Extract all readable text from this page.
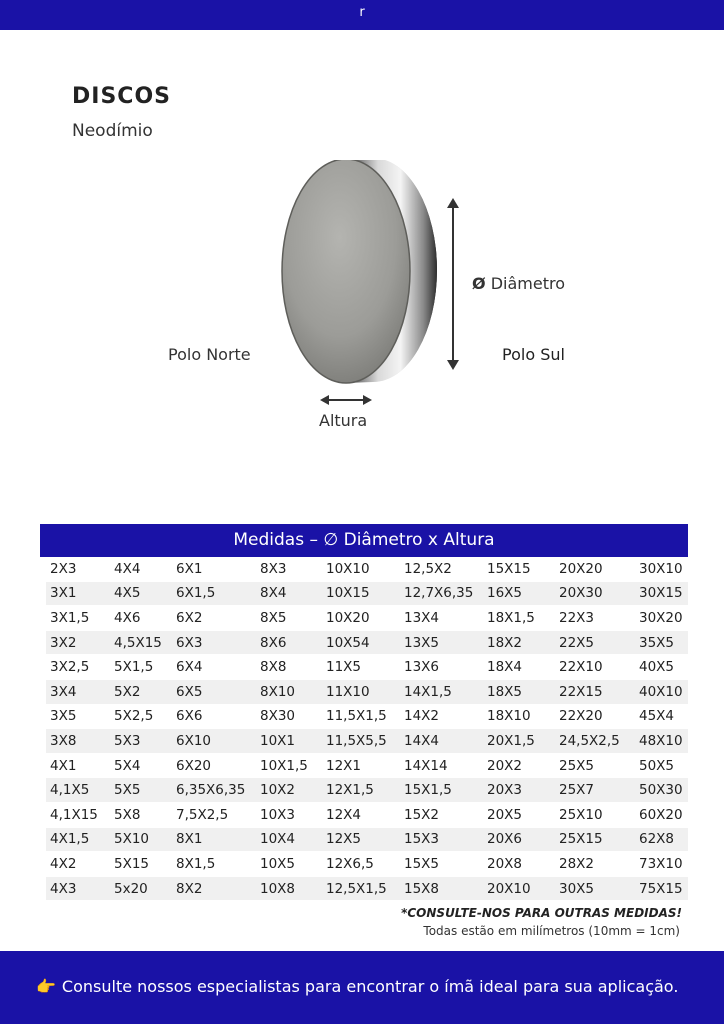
r
DISCOS
Neodímio
Ø Diâmetro
Polo Norte	Polo Sul
Altura
Medidas – ∅ Diâmetro x Altura
2X3	4X4	6X1	8X3	10X10	12,5X2	15X15	20X20	30X10
3X1	4X5	6X1,5	8X4	10X15	12,7X6,35	16X5	20X30	30X15
3X1,5	4X6	6X2	8X5	10X20	13X4	18X1,5	22X3	30X20
3X2	4,5X15	6X3	8X6	10X54	13X5	18X2	22X5	35X5
3X2,5	5X1,5	6X4	8X8	11X5	13X6	18X4	22X10	40X5
3X4	5X2	6X5	8X10	11X10	14X1,5	18X5	22X15	40X10
3X5	5X2,5	6X6	8X30	11,5X1,5	14X2	18X10	22X20	45X4
3X8	5X3	6X10	10X1	11,5X5,5	14X4	20X1,5	24,5X2,5	48X10
4X1	5X4	6X20	10X1,5	12X1	14X14	20X2	25X5	50X5
4,1X5	5X5	6,35X6,35	10X2	12X1,5	15X1,5	20X3	25X7	50X30
4,1X15	5X8	7,5X2,5	10X3	12X4	15X2	20X5	25X10	60X20
4X1,5	5X10	8X1	10X4	12X5	15X3	20X6	25X15	62X8
4X2	5X15	8X1,5	10X5	12X6,5	15X5	20X8	28X2	73X10
4X3	5x20	8X2	10X8	12,5X1,5	15X8	20X10	30X5	75X15
*CONSULTE-NOS PARA OUTRAS MEDIDAS!
Todas estão em milímetros (10mm = 1cm)
👉 Consulte nossos especialistas para encontrar o ímã ideal para sua aplicação.
